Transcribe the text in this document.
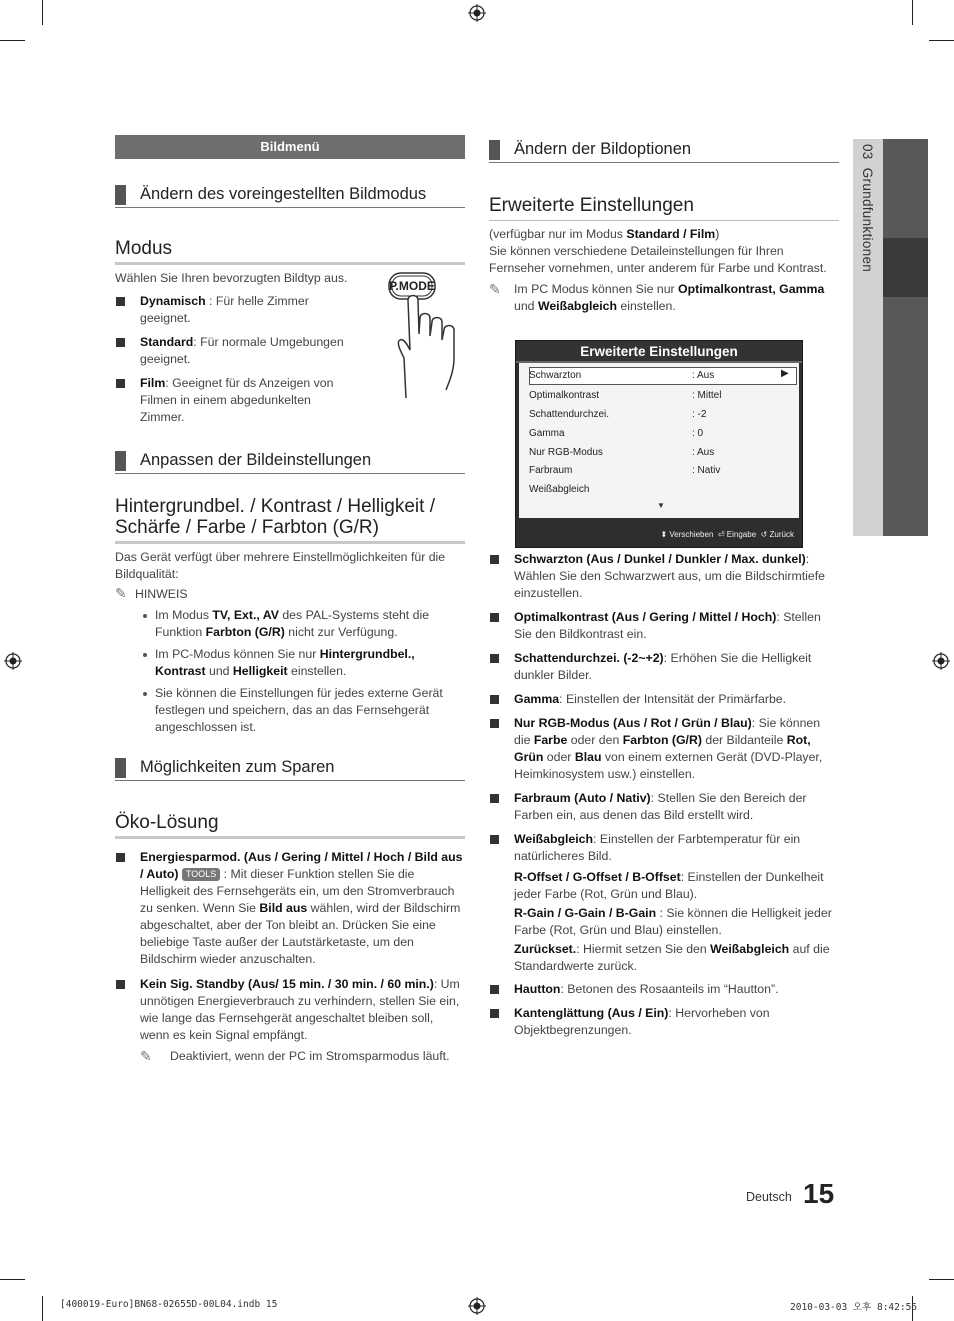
03  Grundfunktionen
Bildmenü
Ändern des voreingestellten Bildmodus
Modus
Wählen Sie Ihren bevorzugten Bildtyp aus.
Dynamisch : Für helle Zimmer geeignet.
Standard: Für normale Umgebungen geeignet.
Film: Geeignet für ds Anzeigen von Filmen in einem abgedunkelten Zimmer.
Anpassen der Bildeinstellungen
Hintergrundbel. / Kontrast / Helligkeit / Schärfe / Farbe / Farbton (G/R)
Das Gerät verfügt über mehrere Einstellmöglichkeiten für die Bildqualität:
✎ HINWEIS
Im Modus TV, Ext., AV des PAL-Systems steht die Funktion Farbton (G/R) nicht zur Verfügung.
Im PC-Modus können Sie nur Hintergrundbel., Kontrast und Helligkeit einstellen.
Sie können die Einstellungen für jedes externe Gerät festlegen und speichern, das an das Fernsehgerät angeschlossen ist.
Möglichkeiten zum Sparen
Öko-Lösung
Energiesparmod. (Aus / Gering / Mittel / Hoch / Bild aus / Auto) TOOLS : Mit dieser Funktion stellen Sie die Helligkeit des Fernsehgeräts ein, um den Stromverbrauch zu senken. Wenn Sie Bild aus wählen, wird der Bildschirm abgeschaltet, aber der Ton bleibt an. Drücken Sie eine beliebige Taste außer der Lautstärketaste, um den Bildschirm wieder anzuschalten.
Kein Sig. Standby (Aus/ 15 min. / 30 min. / 60 min.): Um unnötigen Energieverbrauch zu verhindern, stellen Sie ein, wie lange das Fernsehgerät angeschaltet bleiben soll, wenn es kein Signal empfängt.
✎	Deaktiviert, wenn der PC im Stromsparmodus läuft.
P.MODE
Ändern der Bildoptionen
Erweiterte Einstellungen
(verfügbar nur im Modus Standard / Film)
Sie können verschiedene Detaileinstellungen für Ihren Fernseher vornehmen, unter anderem für Farbe und Kontrast.
✎	Im PC Modus können Sie nur Optimalkontrast, Gamma und Weißabgleich einstellen.
Schwarzton (Aus / Dunkel / Dunkler / Max. dunkel): Wählen Sie den Schwarzwert aus, um die Bildschirmtiefe einzustellen.
Optimalkontrast (Aus / Gering / Mittel / Hoch): Stellen Sie den Bildkontrast ein.
Schattendurchzei. (-2~+2): Erhöhen Sie die Helligkeit dunkler Bilder.
Gamma: Einstellen der Intensität der Primärfarbe.
Nur RGB-Modus (Aus / Rot / Grün / Blau): Sie können die Farbe oder den Farbton (G/R) der Bildanteile Rot, Grün oder Blau von einem externen Gerät (DVD-Player, Heimkinosystem usw.) einstellen.
Farbraum (Auto / Nativ): Stellen Sie den Bereich der Farben ein, aus denen das Bild erstellt wird.
Weißabgleich: Einstellen der Farbtemperatur für ein natürlicheres Bild.
R-Offset / G-Offset / B-Offset: Einstellen der Dunkelheit jeder Farbe (Rot, Grün und Blau).
R-Gain / G-Gain / B-Gain : Sie können die Helligkeit jeder Farbe (Rot, Grün und Blau) einstellen.
Zurückset.: Hiermit setzen Sie den Weißabgleich auf die Standardwerte zurück.
Hautton: Betonen des Rosaanteils im “Hautton”.
Kantenglättung (Aus / Ein): Hervorheben von Objektbegrenzungen.
Erweiterte Einstellungen
Schwarzton	: Aus	▶
Optimalkontrast	: Mittel
Schattendurchzei.	: -2
Gamma	: 0
Nur RGB-Modus	: Aus
Farbraum	: Nativ
Weißabgleich
▼
⬍ Verschieben ⏎ Eingabe ↺ Zurück
Deutsch 15
[400019-Euro]BN68-02655D-00L04.indb 15	2010-03-03 오후 8:42:56
